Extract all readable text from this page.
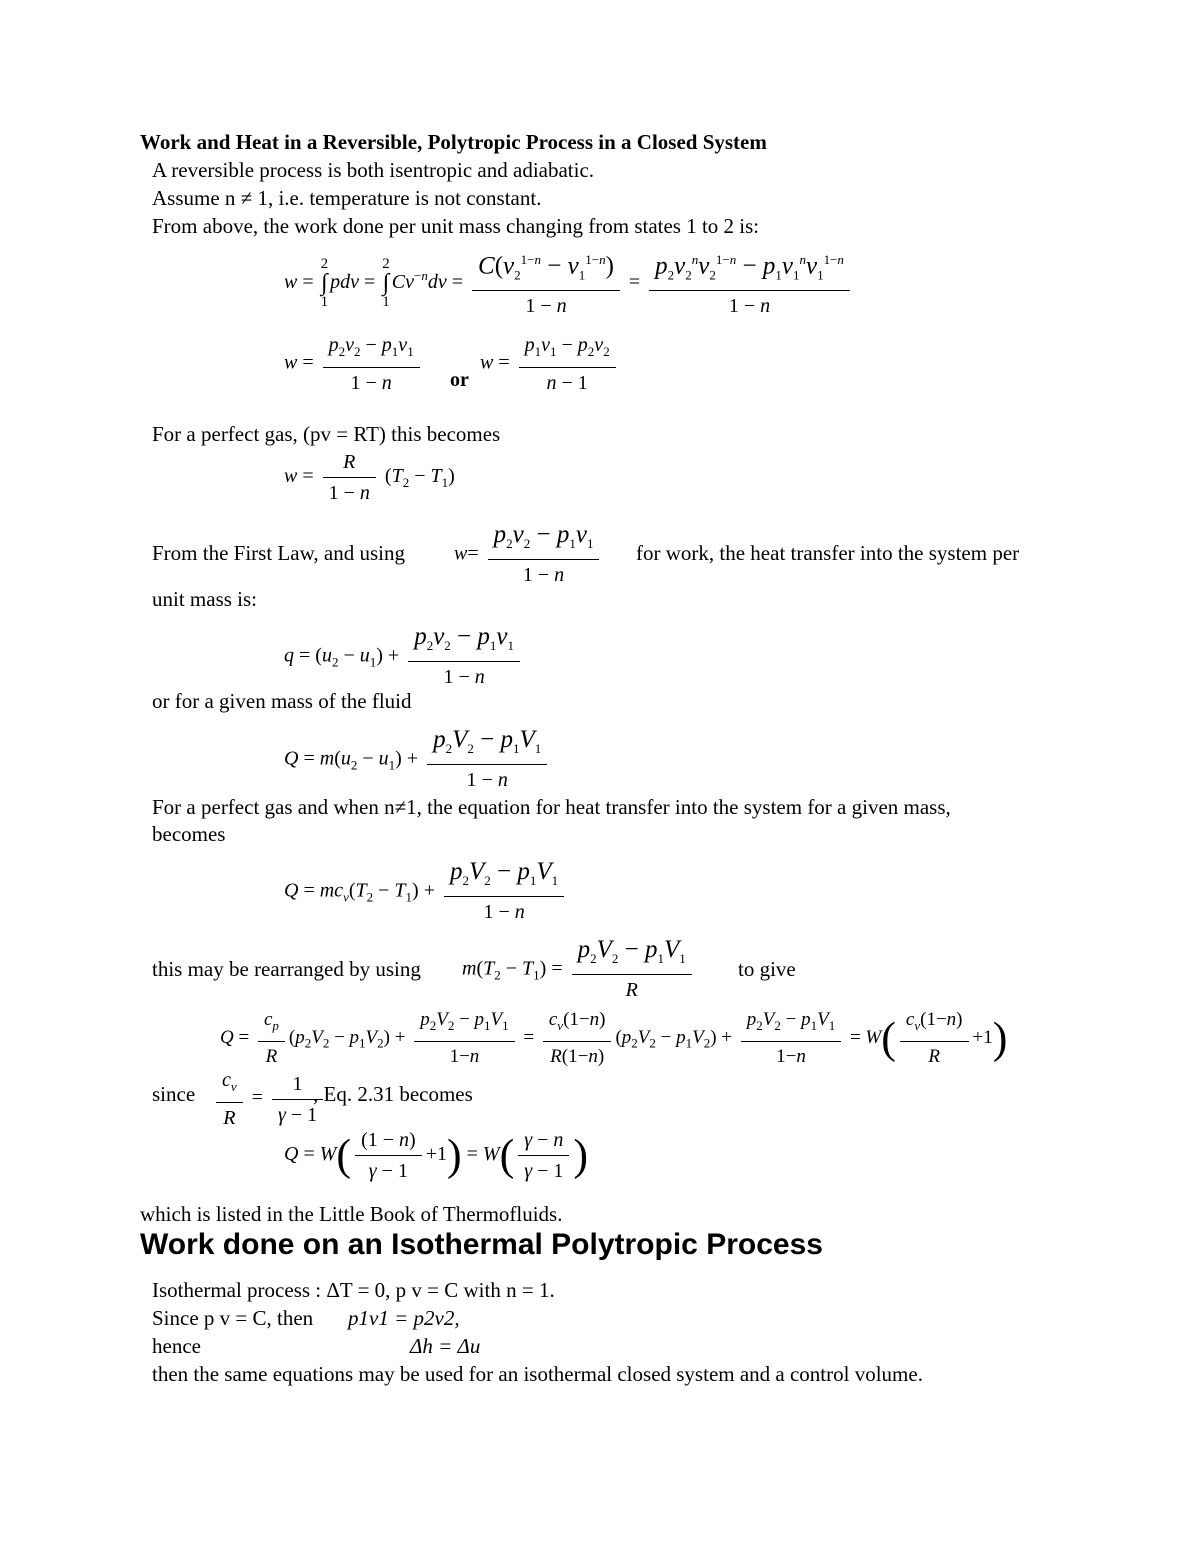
Work and Heat in a Reversible, Polytropic Process in a Closed System
A reversible process is both isentropic and adiabatic.
Assume n ≠ 1, i.e. temperature is not constant.
From above, the work done per unit mass changing from states 1 to 2 is:
w = 2
∫
1pdv = 2
∫
$1Cv^{-n}dv = \frac{C(v_2^{1-n} - v_1^{1-n})}{1 - n} = \frac{p_2v_2^nv_2^{1-n} - p_1v_1^nv_1^{1-n}}{1 - n}$
$w = \frac{p_2v_2 - p_1v_1}{1 - n}$ or
$w = \frac{p_1v_1 - p_2v_2}{n - 1}$
For a perfect gas, (pv = RT) this becomes
$w = \frac{R}{1 - n} (T_2 - T_1)$
From the First Law, and using $w= \frac{p_2v_2 - p_1v_1}{1 - n}$ for work, the heat transfer into the system per
unit mass is:
$q = (u_2 - u_1) + \frac{p_2v_2 - p_1v_1}{1 - n}$
or for a given mass of the fluid
$Q = m(u_2 - u_1) + \frac{p_2V_2 - p_1V_1}{1 - n}$
For a perfect gas and when n≠1, the equation for heat transfer into the system for a given mass,
becomes
$Q = mc_v(T_2 - T_1) + \frac{p_2V_2 - p_1V_1}{1 - n}$
this may be rearranged by using $m(T_2 - T_1) = \frac{p_2V_2 - p_1V_1}{R}$ to give
$Q = \frac{c_p}{R} (p_2V_2 - p_1V_2) + \frac{p_2V_2 - p_1V_1}{1-n} = \frac{c_v(1-n)}{R(1-n)} (p_2V_2 - p_1V_2) + \frac{p_2V_2 - p_1V_1}{1-n} = W( \frac{c_v(1-n)}{R} +1)$
since $\frac{c_v}{R} = \frac{1}{\gamma - 1}$
, Eq. 2.31 becomes
$Q = W( \frac{(1 - n)}{\gamma - 1} +1) = W( \frac{\gamma - n}{\gamma - 1}$ )
which is listed in the Little Book of Thermofluids.
Work done on an Isothermal Polytropic Process
Isothermal process : ΔT = 0, p v = C with n = 1.
Since p v = C, then p1v1 = p2v2,
hence	Δh = Δu
then the same equations may be used for an isothermal closed system and a control volume.
